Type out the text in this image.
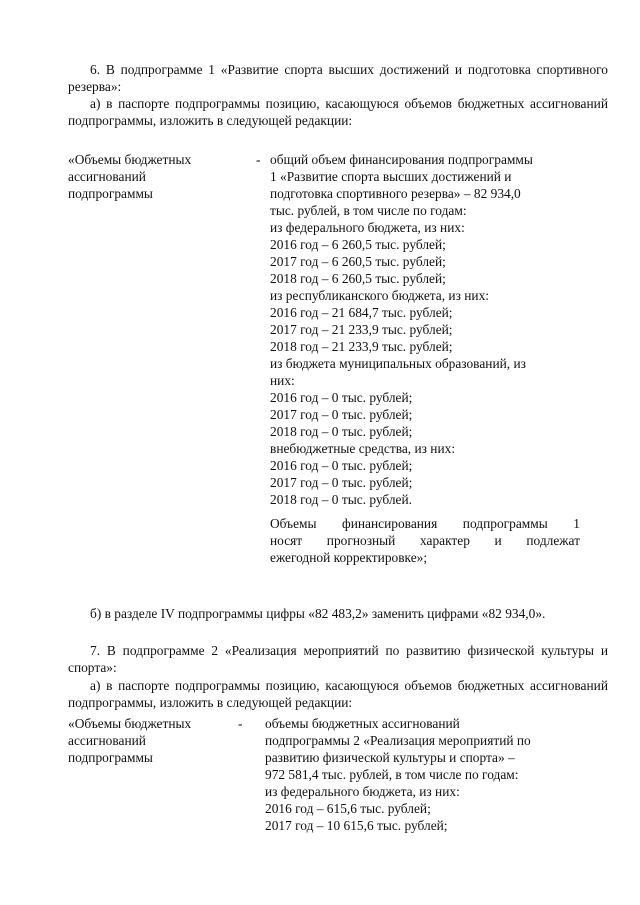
6. В подпрограмме 1 «Развитие спорта высших достижений и подготовка спортивного резерва»:

а) в паспорте подпрограммы позицию, касающуюся объемов бюджетных ассигнований подпрограммы, изложить в следующей редакции:

«Объемы бюджетных

ассигнований

подпрограммы

- общий объем финансирования подпрограммы

1 «Развитие спорта высших достижений и

подготовка спортивного резерва» – 82 934,0

тыс. рублей, в том числе по годам:

из федерального бюджета, из них:

2016 год – 6 260,5 тыс. рублей;

2017 год – 6 260,5 тыс. рублей;

2018 год – 6 260,5 тыс. рублей;

из республиканского бюджета, из них:

2016 год – 21 684,7 тыс. рублей;

2017 год – 21 233,9 тыс. рублей;

2018 год – 21 233,9 тыс. рублей;

из бюджета муниципальных образований, из

них:

2016 год – 0 тыс. рублей;

2017 год – 0 тыс. рублей;

2018 год – 0 тыс. рублей;

внебюджетные средства, из них:

2016 год – 0 тыс. рублей;

2017 год – 0 тыс. рублей;

2018 год – 0 тыс. рублей.

Объемы финансирования подпрограммы 1

носят прогнозный характер и подлежат

ежегодной корректировке»;

б) в разделе IV подпрограммы цифры «82 483,2» заменить цифрами «82 934,0».

7. В подпрограмме 2 «Реализация мероприятий по развитию физической культуры и спорта»:

а) в паспорте подпрограммы позицию, касающуюся объемов бюджетных ассигнований подпрограммы, изложить в следующей редакции:

«Объемы бюджетных

ассигнований

подпрограммы

- объемы бюджетных ассигнований

подпрограммы 2 «Реализация мероприятий по

развитию физической культуры и спорта» –

972 581,4 тыс. рублей, в том числе по годам:

из федерального бюджета, из них:

2016 год – 615,6 тыс. рублей;

2017 год – 10 615,6 тыс. рублей;
